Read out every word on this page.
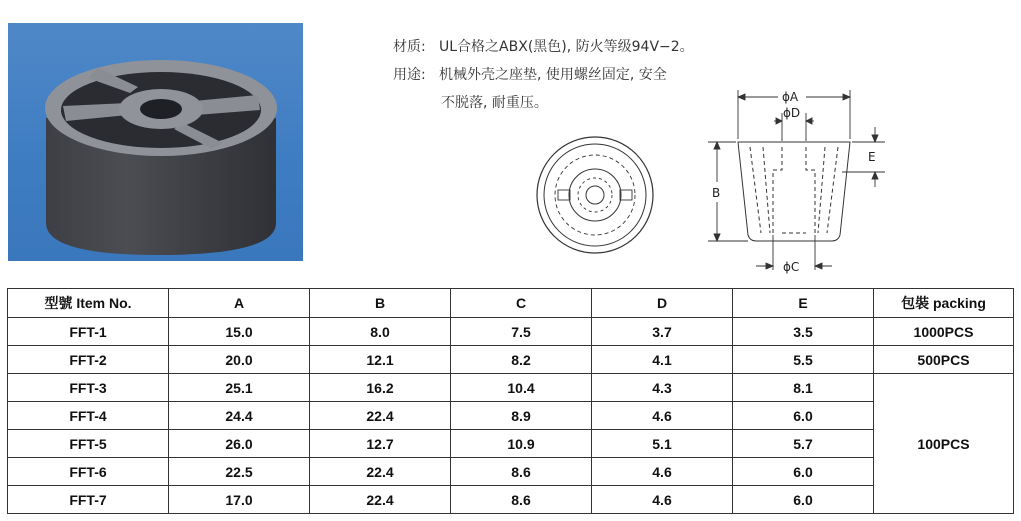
材质: UL合格之ABX(黑色), 防火等级94V−2。
用途: 机械外壳之座垫, 使用螺丝固定, 安全
不脱落, 耐重压。	ϕA
ϕD
B
E
ϕC
型號 Item No.	A	B	C	D	E	包裝 packing
FFT-1	15.0	8.0	7.5	3.7	3.5	1000PCS
FFT-2	20.0	12.1	8.2	4.1	5.5	500PCS
FFT-3	25.1	16.2	10.4	4.3	8.1	100PCS
FFT-4	24.4	22.4	8.9	4.6	6.0	
FFT-5	26.0	12.7	10.9	5.1	5.7	
FFT-6	22.5	22.4	8.6	4.6	6.0	
FFT-7	17.0	22.4	8.6	4.6	6.0	
